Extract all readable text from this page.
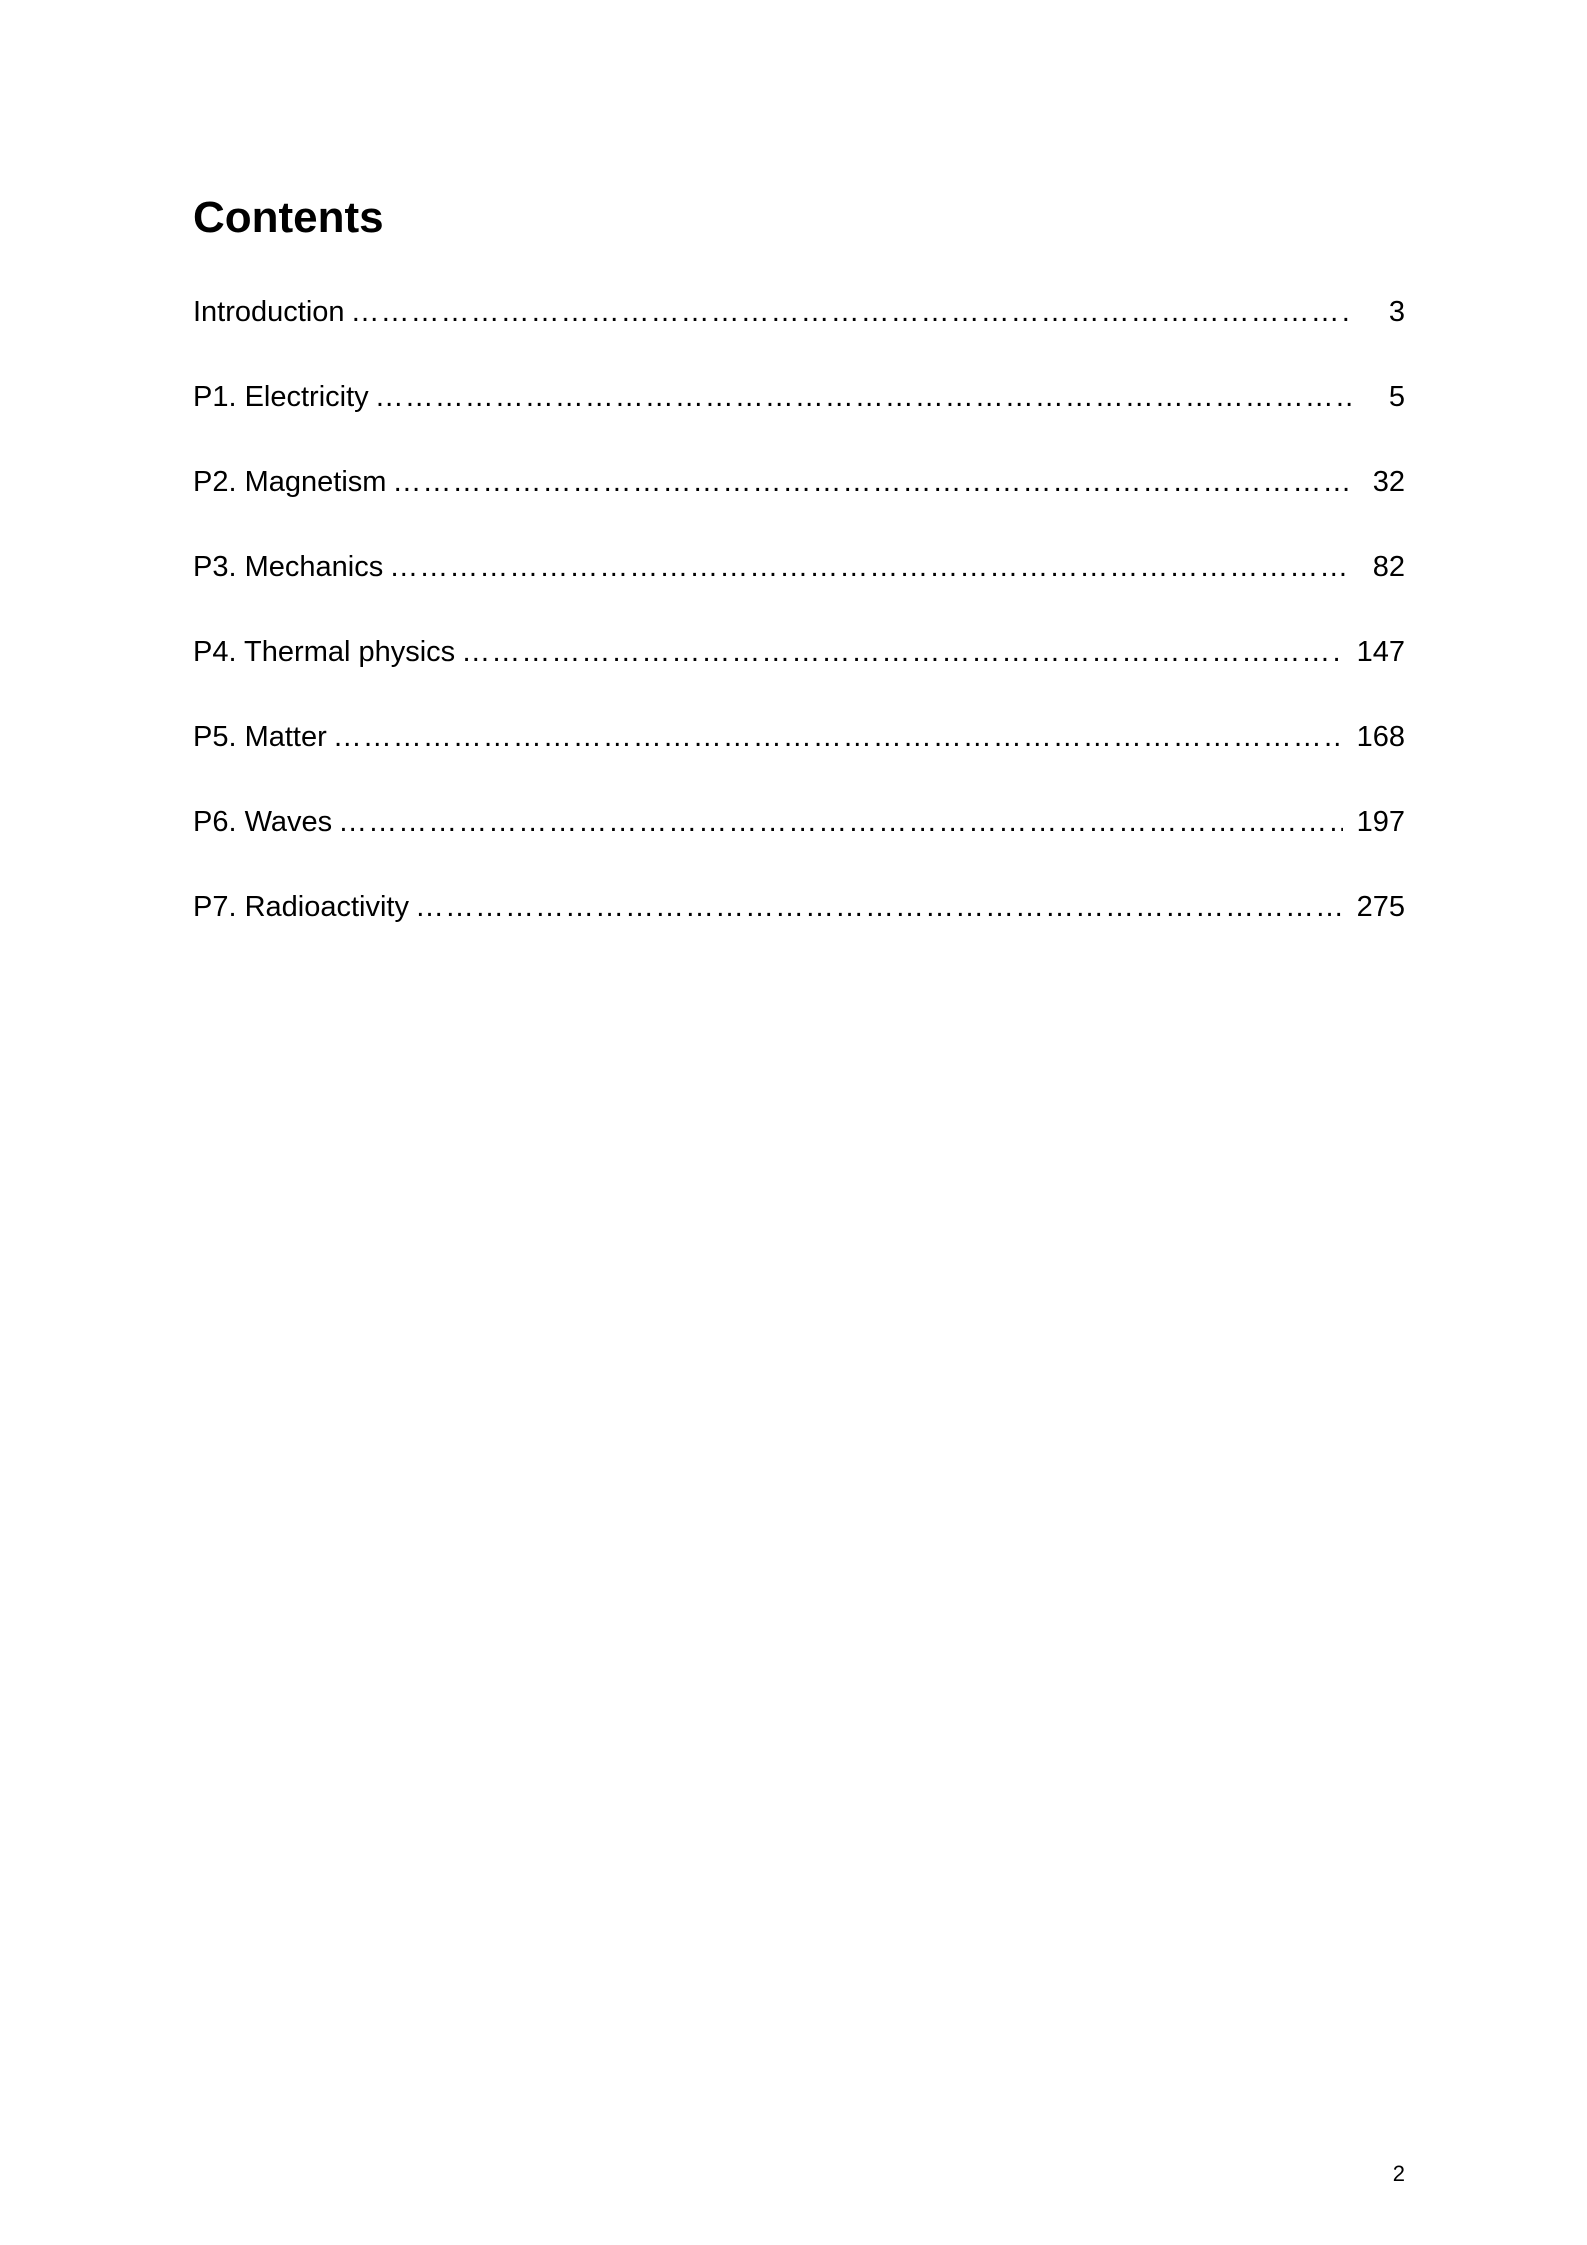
Contents
Introduction …………………………………………………………………………………………………………………………………………………………………………………………………………………………………………………………	3
P1. Electricity …………………………………………………………………………………………………………………………………………………………………………………………………………………………………………………………	5
P2. Magnetism …………………………………………………………………………………………………………………………………………………………………………………………………………………………………………………………	32
P3. Mechanics …………………………………………………………………………………………………………………………………………………………………………………………………………………………………………………………	82
P4. Thermal physics …………………………………………………………………………………………………………………………………………………………………………………………………………………………………………………………	147
P5. Matter …………………………………………………………………………………………………………………………………………………………………………………………………………………………………………………………	168
P6. Waves …………………………………………………………………………………………………………………………………………………………………………………………………………………………………………………………	197
P7. Radioactivity …………………………………………………………………………………………………………………………………………………………………………………………………………………………………………………………	275
2
